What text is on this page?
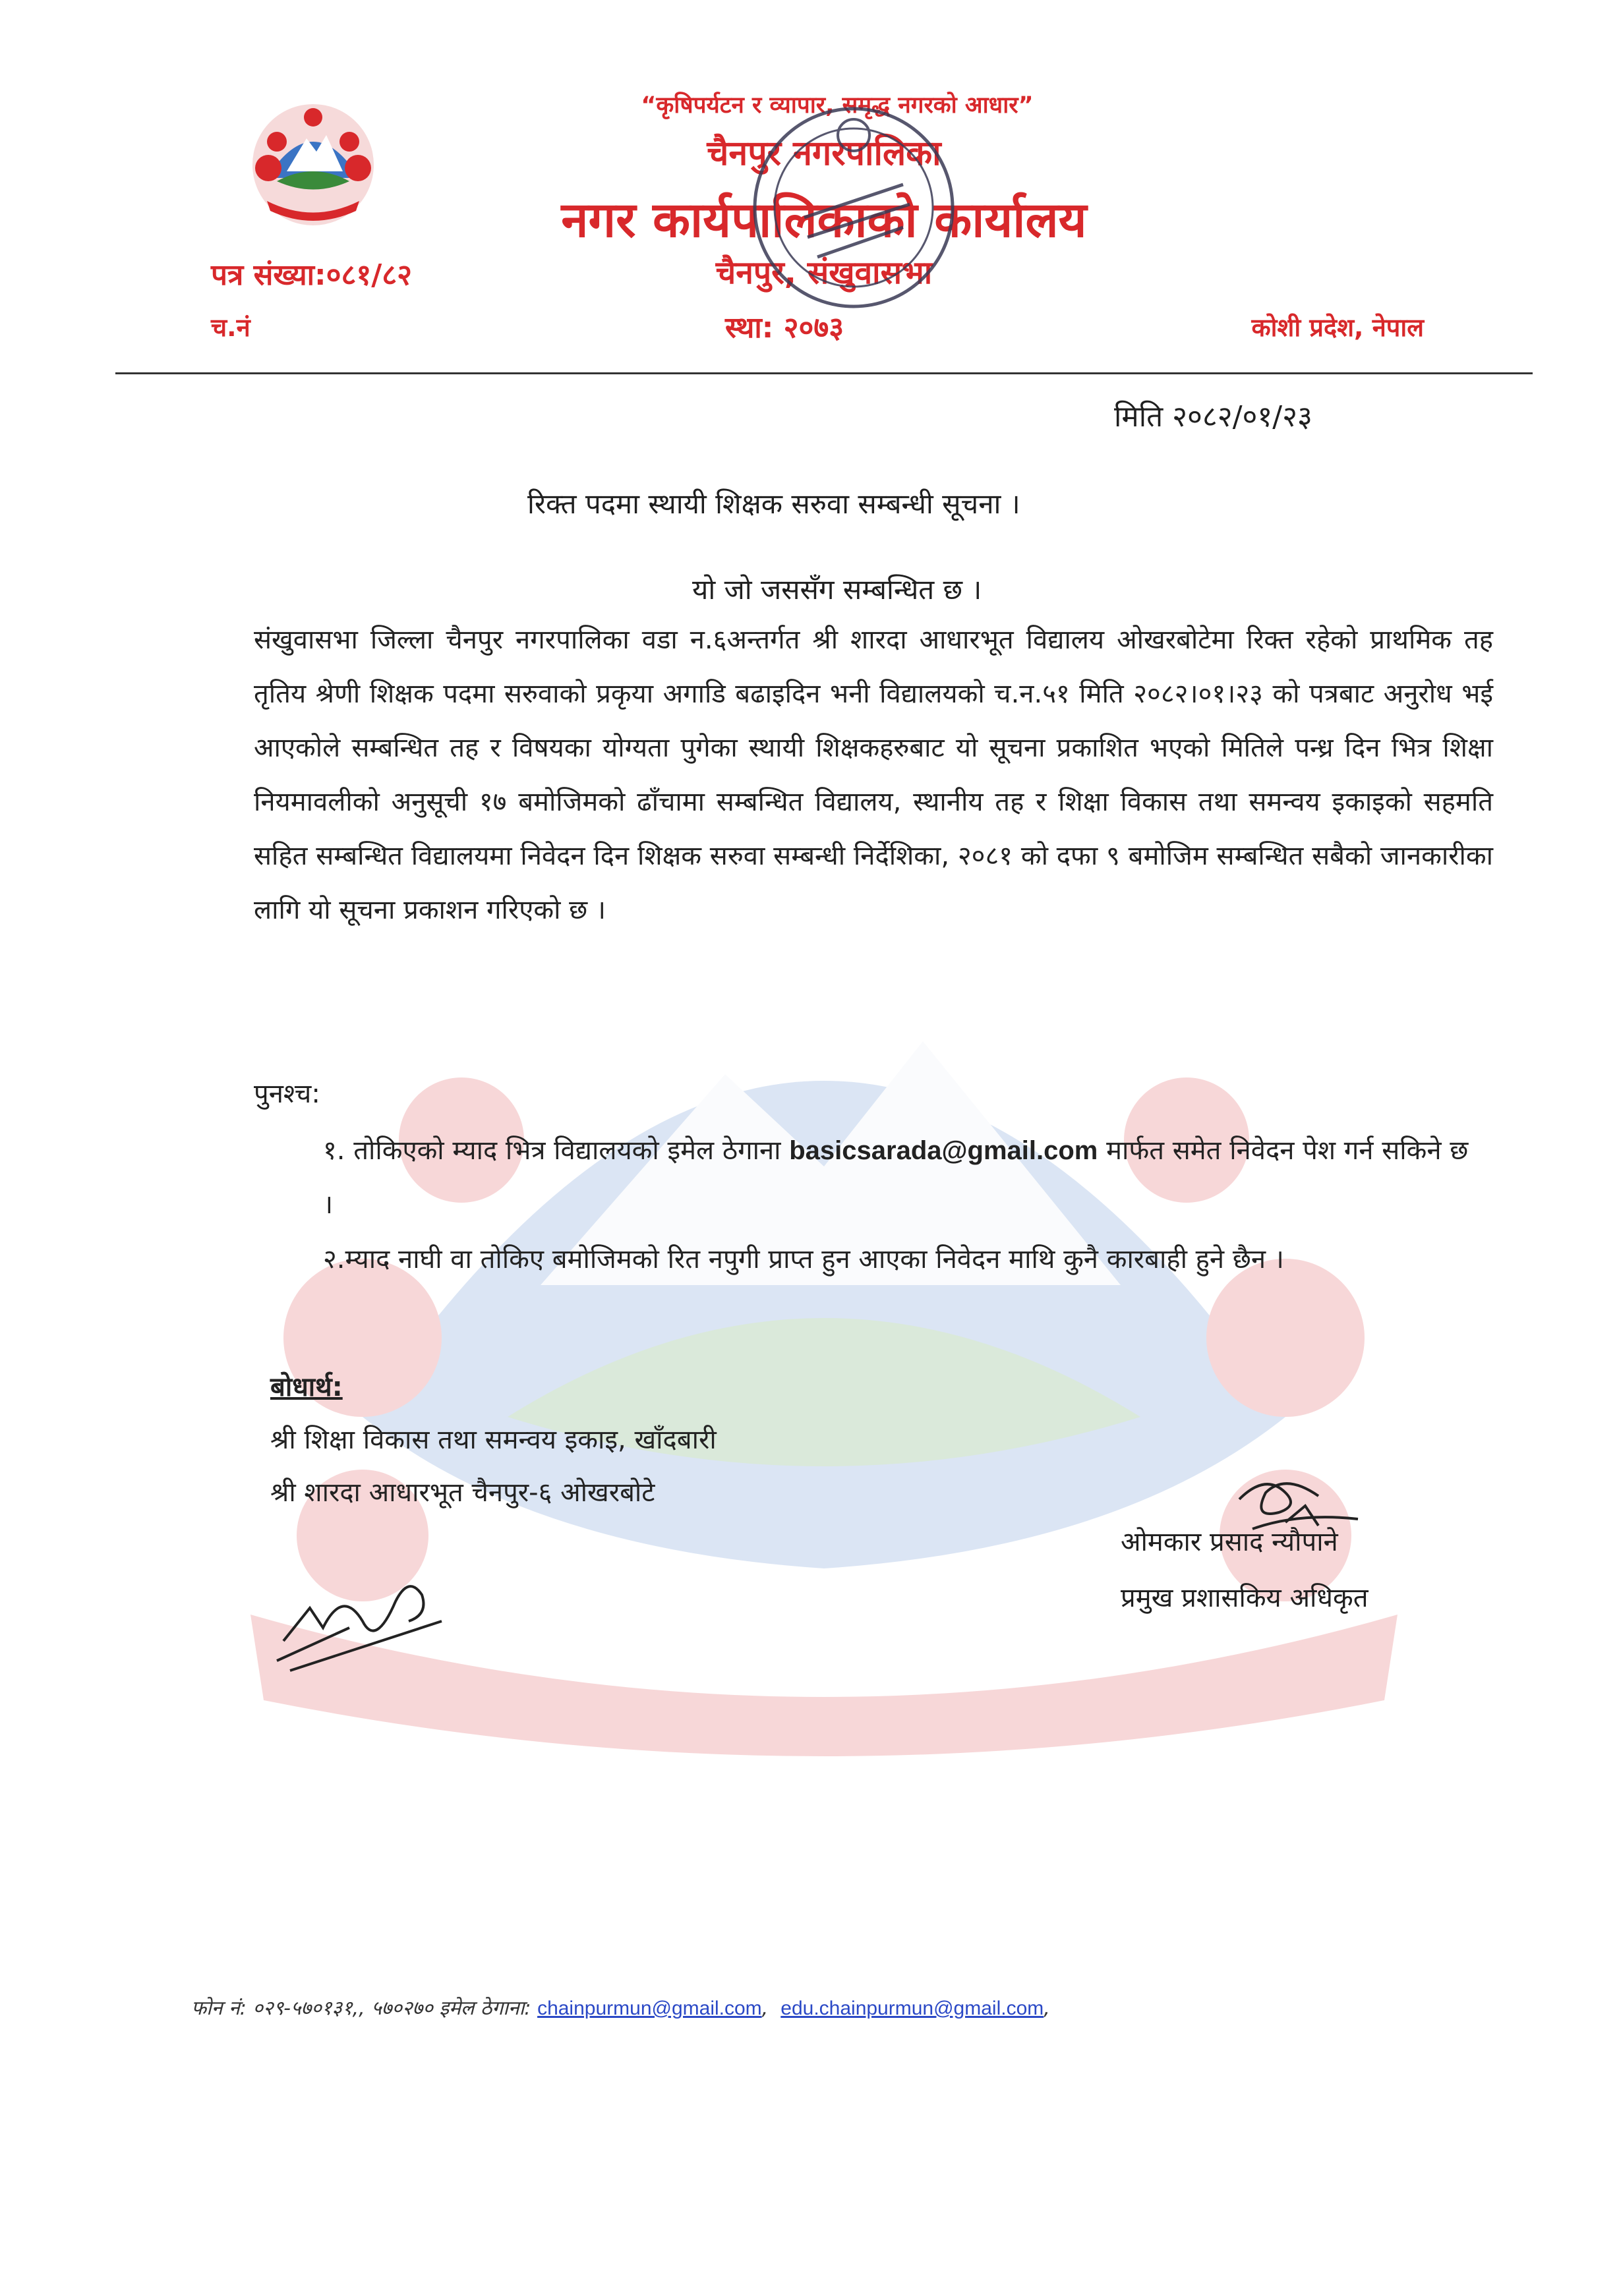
“कृषिपर्यटन र व्यापार, समृद्ध नगरको आधार”
चैनपुर नगरपालिका
नगर कार्यपालिकाको कार्यालय
चैनपुर, संखुवासभा
पत्र संख्या:०८१/८२
च.नं	स्था: २०७३	कोशी प्रदेश, नेपाल
मिति २०८२/०१/२३
रिक्त पदमा स्थायी शिक्षक सरुवा सम्बन्धी सूचना ।
यो जो जससँग सम्बन्धित छ ।
संखुवासभा जिल्ला चैनपुर नगरपालिका वडा न.६अन्तर्गत श्री शारदा आधारभूत विद्यालय ओखरबोटेमा रिक्त रहेको प्राथमिक तह तृतिय श्रेणी शिक्षक पदमा सरुवाको प्रकृया अगाडि बढाइदिन भनी विद्यालयको च.न.५१ मिति २०८२।०१।२३ को पत्रबाट अनुरोध भई आएकोले सम्बन्धित तह र विषयका योग्यता पुगेका स्थायी शिक्षकहरुबाट यो सूचना प्रकाशित भएको मितिले पन्ध्र दिन भित्र शिक्षा नियमावलीको अनुसूची १७ बमोजिमको ढाँचामा सम्बन्धित विद्यालय, स्थानीय तह र शिक्षा विकास तथा समन्वय इकाइको सहमति सहित सम्बन्धित विद्यालयमा निवेदन दिन शिक्षक सरुवा सम्बन्धी निर्देशिका, २०८१ को दफा ९ बमोजिम सम्बन्धित सबैको जानकारीका लागि यो सूचना प्रकाशन गरिएको छ ।
पुनश्च:
१. तोकिएको म्याद भित्र विद्यालयको इमेल ठेगाना basicsarada@gmail.com मार्फत समेत निवेदन पेश गर्न सकिने छ ।
२.म्याद नाघी वा तोकिए बमोजिमको रित नपुगी प्राप्त हुन आएका निवेदन माथि कुनै कारबाही हुने छैन ।
बोधार्थ:
श्री शिक्षा विकास तथा समन्वय इकाइ, खाँदबारी
श्री शारदा आधारभूत चैनपुर-६ ओखरबोटे
ओमकार प्रसाद न्यौपाने
प्रमुख प्रशासकिय अधिकृत
फोन नं: ०२९-५७०१३१,, ५७०२७० इमेल ठेगाना: chainpurmun@gmail.com,  edu.chainpurmun@gmail.com,
